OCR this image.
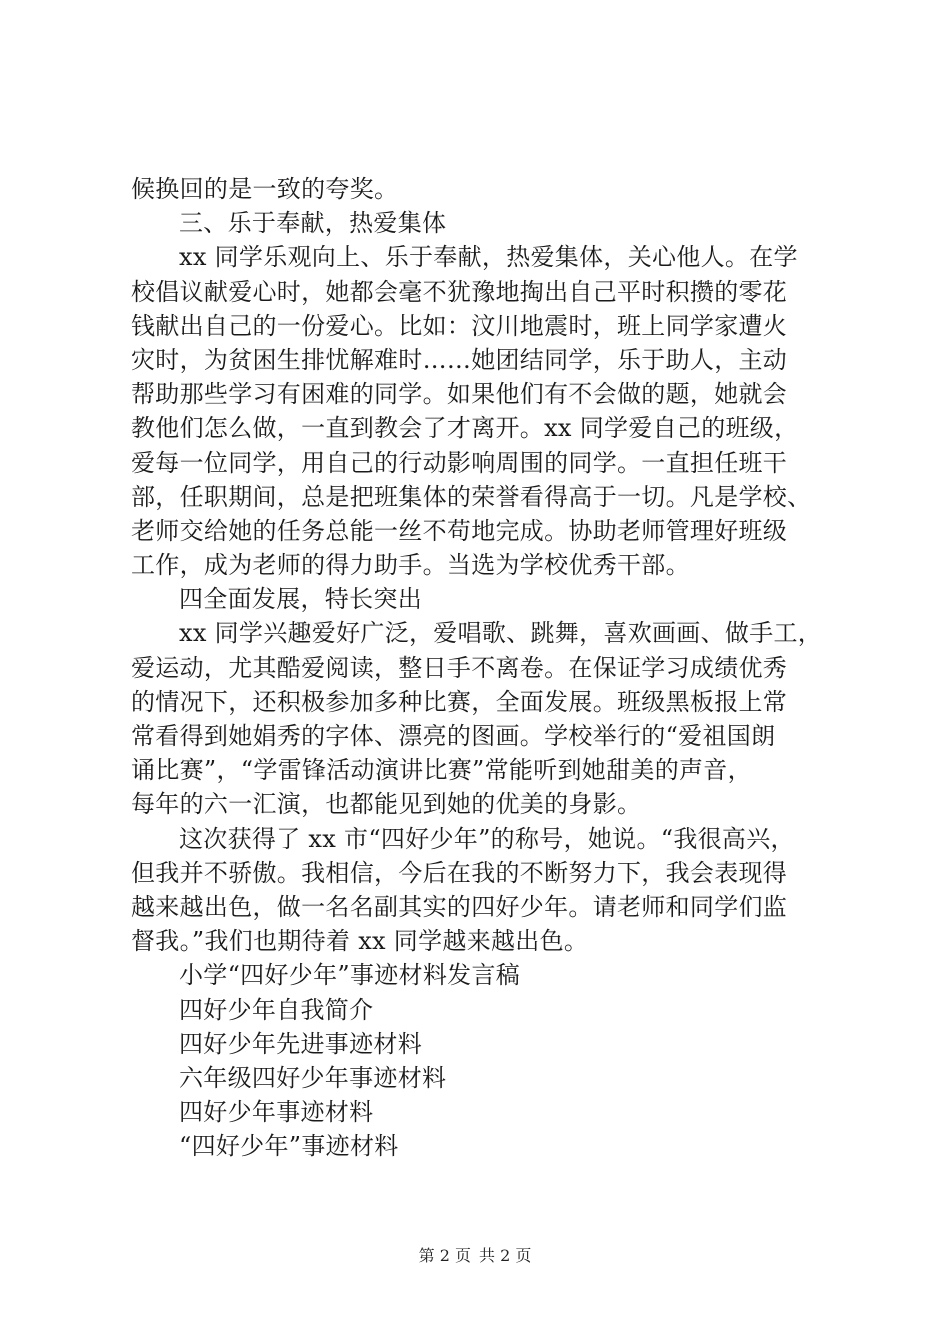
候换回的是一致的夸奖。
三、乐于奉献，热爱集体
xx 同学乐观向上、乐于奉献，热爱集体，关心他人。在学
校倡议献爱心时，她都会毫不犹豫地掏出自己平时积攒的零花
钱献出自己的一份爱心。比如：汶川地震时，班上同学家遭火
灾时，为贫困生排忧解难时……她团结同学，乐于助人，主动
帮助那些学习有困难的同学。如果他们有不会做的题，她就会
教他们怎么做，一直到教会了才离开。xx 同学爱自己的班级，
爱每一位同学，用自己的行动影响周围的同学。一直担任班干
部，任职期间，总是把班集体的荣誉看得高于一切。凡是学校、
老师交给她的任务总能一丝不苟地完成。协助老师管理好班级
工作，成为老师的得力助手。当选为学校优秀干部。
四全面发展，特长突出
xx 同学兴趣爱好广泛，爱唱歌、跳舞，喜欢画画、做手工，
爱运动，尤其酷爱阅读，整日手不离卷。在保证学习成绩优秀
的情况下，还积极参加多种比赛，全面发展。班级黑板报上常
常看得到她娟秀的字体、漂亮的图画。学校举行的“爱祖国朗
诵比赛”，“学雷锋活动演讲比赛”常能听到她甜美的声音，
每年的六一汇演，也都能见到她的优美的身影。
这次获得了 xx 市“四好少年”的称号，她说。“我很高兴，
但我并不骄傲。我相信，今后在我的不断努力下，我会表现得
越来越出色，做一名名副其实的四好少年。请老师和同学们监
督我。”我们也期待着 xx 同学越来越出色。
小学“四好少年”事迹材料发言稿
四好少年自我简介
四好少年先进事迹材料
六年级四好少年事迹材料
四好少年事迹材料
“四好少年”事迹材料
第 2 页 共 2 页
